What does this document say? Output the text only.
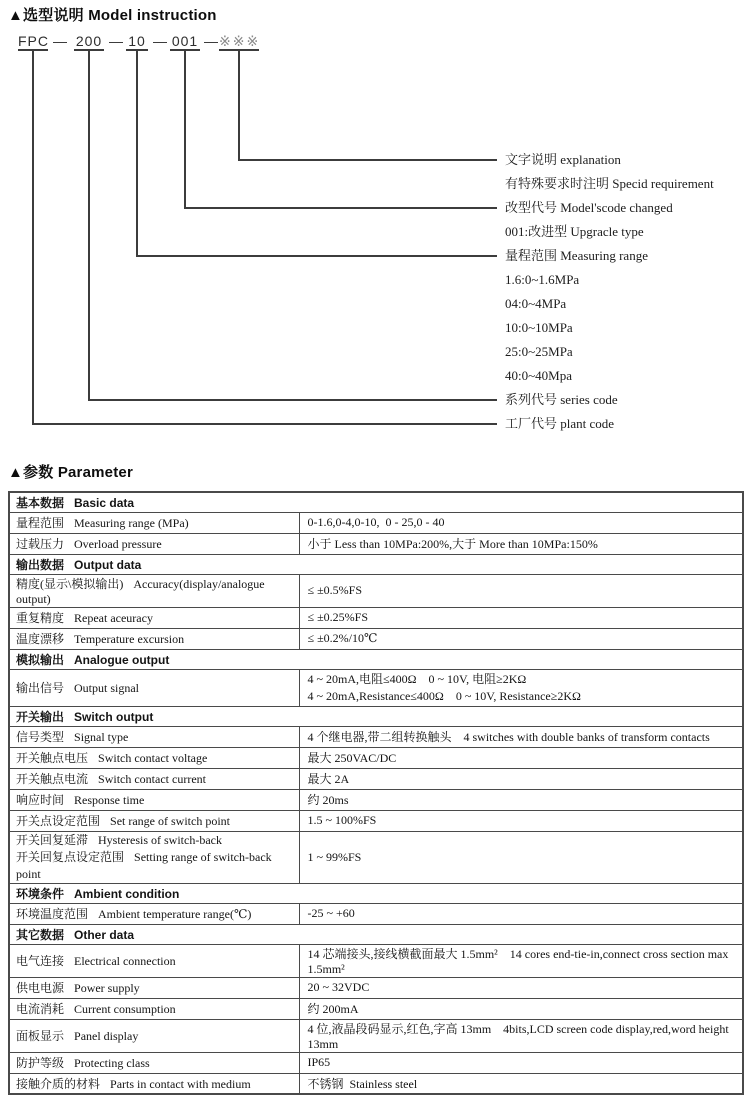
▲选型说明 Model instruction
FPC 200 10 001 ※※※
—	— —	—
文字说明 explanation
有特殊要求时注明 Specid requirement
改型代号 Model'scode changed
001:改进型 Upgracle type
量程范围 Measuring range
1.6:0~1.6MPa
04:0~4MPa
10:0~10MPa
25:0~25MPa
40:0~40Mpa
系列代号 series code
工厂代号 plant code
▲参数 Parameter
基本数据 Basic data	
量程范围 Measuring range (MPa)	0-1.6,0-4,0-10,  0 - 25,0 - 40
过载压力 Overload pressure	小于 Less than 10MPa:200%,大于 More than 10MPa:150%
输出数据 Output data	
精度(显示\模拟输出) Accuracy(display/analogue output)	≤ ±0.5%FS
重复精度 Repeat aceuracy	≤ ±0.25%FS
温度漂移 Temperature excursion	≤ ±0.2%/10℃
模拟输出 Analogue output	
输出信号 Output signal	4 ~ 20mA,电阻≤400Ω    0 ~ 10V, 电阻≥2KΩ
4 ~ 20mA,Resistance≤400Ω    0 ~ 10V, Resistance≥2KΩ

开关输出 Switch output	
信号类型 Signal type	4 个继电器,带二组转换触头    4 switches with double banks of transform contacts
开关触点电压 Switch contact voltage	最大 250VAC/DC
开关触点电流 Switch contact current	最大 2A
响应时间 Response time	约 20ms
开关点设定范围 Set range of switch point	1.5 ~ 100%FS

开关回复延滞 Hysteresis of switch-back
开关回复点设定范围 Setting range of switch-back point	1 ~ 99%FS
环境条件 Ambient condition	
环境温度范围 Ambient temperature range(℃)	-25 ~ +60
其它数据 Other data	
电气连接 Electrical connection	14 芯端接头,接线横截面最大 1.5mm²    14 cores end-tie-in,connect cross section max 1.5mm²
供电电源 Power supply	20 ~ 32VDC
电流消耗 Current consumption	约 200mA
面板显示 Panel display	4 位,液晶段码显示,红色,字高 13mm    4bits,LCD screen code display,red,word height 13mm
防护等级 Protecting class	IP65
接触介质的材料 Parts in contact with medium	不锈钢  Stainless steel
